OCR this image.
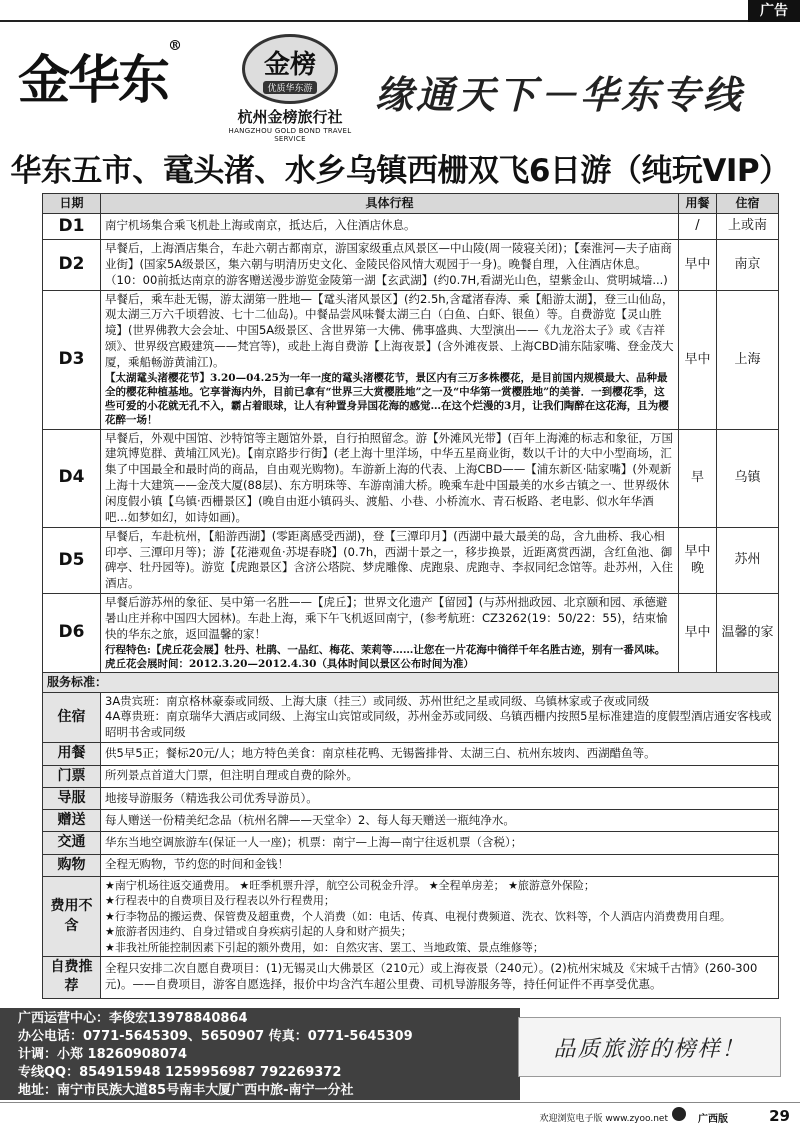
广告
金华东®
金榜
优质华东游
杭州金榜旅行社
HANGZHOU GOLD BOND TRAVEL SERVICE
缘通天下－华东专线
华东五市、鼋头渚、水乡乌镇西栅双飞6日游（纯玩VIP）
日期	具体行程	用餐	住宿
D1	南宁机场集合乘飞机赴上海或南京，抵达后，入住酒店休息。	/	上或南
D2	早餐后，上海酒店集合，车赴六朝古都南京，游国家级重点风景区—中山陵(周一陵寝关闭)；【秦淮河—夫子庙商业街】(国家5A级景区，集六朝与明清历史文化、金陵民俗风情大观园于一身)。晚餐自理，入住酒店休息。（10：00前抵达南京的游客赠送漫步游览金陵第一湖【玄武湖】(约0.7H,看湖光山色，望紫金山、赏明城墙...)	早中	南京
D3	早餐后，乘车赴无锡，游太湖第一胜地—【鼋头渚风景区】(约2.5h,含鼋渚春涛、乘【船游太湖】，登三山仙岛，观太湖三万六千顷碧波、七十二仙岛)。中餐品尝风味餐太湖三白（白鱼、白虾、银鱼）等。自费游览【灵山胜境】(世界佛教大会会址、中国5A级景区、含世界第一大佛、佛事盛典、大型演出——《九龙浴太子》或《吉祥颂》、世界级宫殿建筑——梵宫等)，或赴上海自费游【上海夜景】(含外滩夜景、上海CBD浦东陆家嘴、登金茂大厦，乘船畅游黄浦江)。
【太湖鼋头渚樱花节】3.20—04.25为一年一度的鼋头渚樱花节，景区内有三万多株樱花，是目前国内规模最大、品种最全的樱花种植基地。它享誉海内外，目前已拿有“世界三大赏樱胜地”之一及“中华第一赏樱胜地”的美誉．一到樱花季，这些可爱的小花就无孔不入，霸占着眼球，让人有种置身异国花海的感觉…在这个烂漫的3月，让我们陶醉在这花海，且为樱花醉一场！	早中	上海
D4	早餐后，外观中国馆、沙特馆等主题馆外景，自行拍照留念。游【外滩风光带】(百年上海滩的标志和象征，万国建筑博览群、黄埔江风光)。【南京路步行街】(老上海十里洋场，中华五星商业街，数以千计的大中小型商场，汇集了中国最全和最时尚的商品，自由观光购物)。车游新上海的代表、上海CBD——【浦东新区·陆家嘴】(外观新上海十大建筑——金茂大厦(88层)、东方明珠等、车游南浦大桥。晚乘车赴中国最美的水乡古镇之一、世界级休闲度假小镇【乌镇·西栅景区】(晚自由逛小镇码头、渡船、小巷、小桥流水、青石板路、老电影、似水年华酒吧...如梦如幻，如诗如画)。	早	乌镇
D5	早餐后，车赴杭州，【船游西湖】(零距离感受西湖)，登【三潭印月】(西湖中最大最美的岛，含九曲桥、我心相印亭、三潭印月等)；游【花港观鱼·苏堤春晓】(0.7h，西湖十景之一，移步换景，近距离赏西湖，含红鱼池、御碑亭、牡丹园等)。游览【虎跑景区】含济公塔院、梦虎雕像、虎跑泉、虎跑寺、李叔同纪念馆等。赴苏州，入住酒店。	早中晚	苏州
D6	早餐后游苏州的象征、吴中第一名胜——【虎丘】；世界文化遗产【留园】(与苏州拙政园、北京颐和园、承德避暑山庄并称中国四大园林)。车赴上海，乘下午飞机返回南宁，(参考航班：CZ3262(19：50/22：55)，结束愉快的华东之旅，返回温馨的家！
行程特色:【虎丘花会展】牡丹、杜鹃、一品红、梅花、茉莉等……让您在一片花海中徜徉千年名胜古迹，别有一番风味。 虎丘花会展时间：2012.3.20—2012.4.30（具体时间以景区公布时间为准）	早中	温馨的家
服务标准：			
住宿	3A贵宾班：南京格林豪泰或同级、上海大康（挂三）或同级、苏州世纪之星或同级、乌镇林家或子夜或同级
4A尊贵班：南京瑞华大酒店或同级、上海宝山宾馆或同级，苏州金苏或同级、乌镇西栅内按照5星标准建造的度假型酒店通安客栈或昭明书舍或同级		

用餐	供5早5正；餐标20元/人；地方特色美食：南京桂花鸭、无锡酱排骨、太湖三白、杭州东坡肉、西湖醋鱼等。		
门票	所列景点首道大门票，但注明自理或自费的除外。		
导服	地接导游服务（精选我公司优秀导游员）。		
赠送	每人赠送一份精美纪念品（杭州名牌——天堂伞）2、每人每天赠送一瓶纯净水。		
交通	华东当地空调旅游车(保证一人一座)；机票：南宁—上海—南宁往返机票（含税）；		
购物	全程无购物，节约您的时间和金钱！		
费用不含	★南宁机场往返交通费用。 ★旺季机票升浮，航空公司税金升浮。 ★全程单房差； ★旅游意外保险；
★行程表中的自费项目及行程表以外行程费用；
★行李物品的搬运费、保管费及超重费，个人消费（如：电话、传真、电视付费频道、洗衣、饮料等，个人酒店内消费费用自理。
★旅游者因违约、自身过错或自身疾病引起的人身和财产损失；
★非我社所能控制因素下引起的额外费用，如：自然灾害、罢工、当地政策、景点维修等；		

自费推荐	全程只安排二次自愿自费项目：(1)无锡灵山大佛景区（210元）或上海夜景（240元）。(2)杭州宋城及《宋城千古情》(260-300元)。——自费项目，游客自愿选择，报价中均含汽车超公里费、司机导游服务等，持任何证件不再享受优惠。		
广西运营中心：李俊宏13978840864
办公电话：0771-5645309、5650907 传真：0771-5645309
计调：小郑 18260908074
专线QQ：854915948 1259956987 792269372
地址：南宁市民族大道85号南丰大厦广西中旅-南宁一分社
品质旅游的榜样！
欢迎浏览电子版 www.zyoo.net	广西版	29
